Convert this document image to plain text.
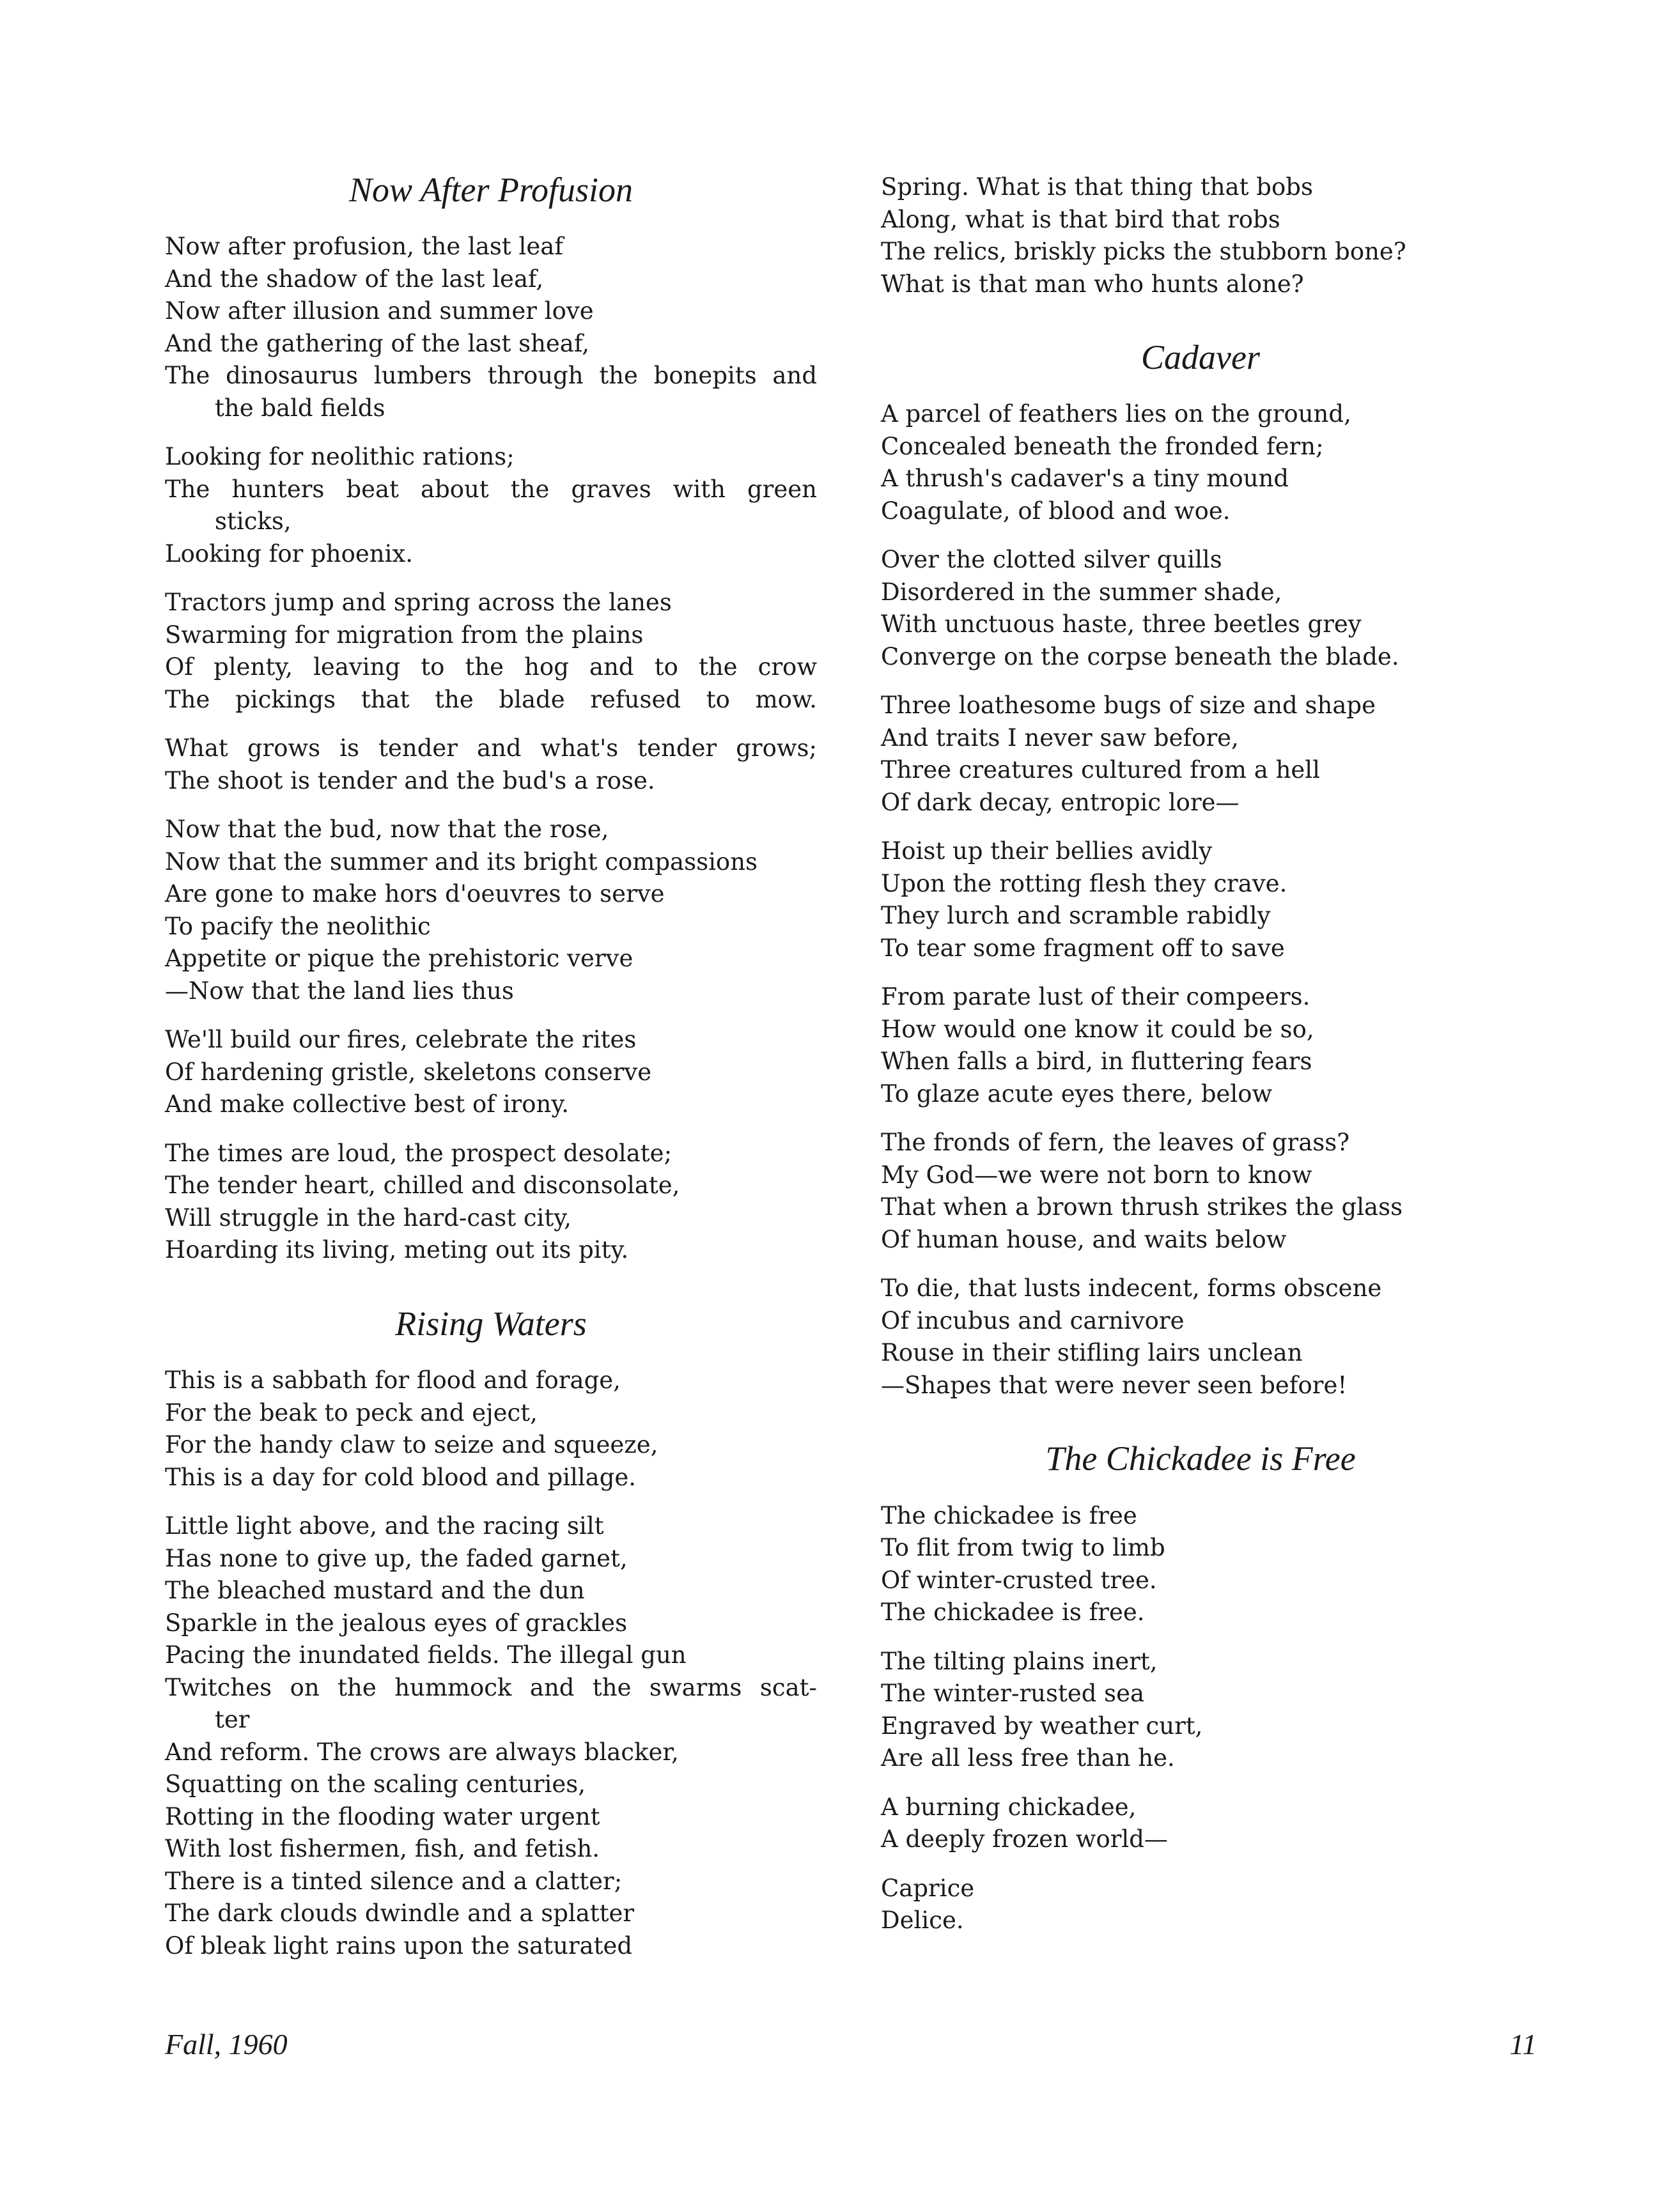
Now After Profusion
Now after profusion, the last leaf
And the shadow of the last leaf,
Now after illusion and summer love
And the gathering of the last sheaf,
The dinosaurus lumbers through the bonepits and
the bald fields
Looking for neolithic rations;
The hunters beat about the graves with green
sticks,
Looking for phoenix.
Tractors jump and spring across the lanes
Swarming for migration from the plains
Of plenty, leaving to the hog and to the crow
The pickings that the blade refused to mow.
What grows is tender and what's tender grows;
The shoot is tender and the bud's a rose.
Now that the bud, now that the rose,
Now that the summer and its bright compassions
Are gone to make hors d'oeuvres to serve
To pacify the neolithic
Appetite or pique the prehistoric verve
—Now that the land lies thus
We'll build our fires, celebrate the rites
Of hardening gristle, skeletons conserve
And make collective best of irony.
The times are loud, the prospect desolate;
The tender heart, chilled and disconsolate,
Will struggle in the hard-cast city,
Hoarding its living, meting out its pity.
Rising Waters
This is a sabbath for flood and forage,
For the beak to peck and eject,
For the handy claw to seize and squeeze,
This is a day for cold blood and pillage.
Little light above, and the racing silt
Has none to give up, the faded garnet,
The bleached mustard and the dun
Sparkle in the jealous eyes of grackles
Pacing the inundated fields. The illegal gun
Twitches on the hummock and the swarms scat-
ter
And reform. The crows are always blacker,
Squatting on the scaling centuries,
Rotting in the flooding water urgent
With lost fishermen, fish, and fetish.
There is a tinted silence and a clatter;
The dark clouds dwindle and a splatter
Of bleak light rains upon the saturated
Spring. What is that thing that bobs
Along, what is that bird that robs
The relics, briskly picks the stubborn bone?
What is that man who hunts alone?
Cadaver
A parcel of feathers lies on the ground,
Concealed beneath the fronded fern;
A thrush's cadaver's a tiny mound
Coagulate, of blood and woe.
Over the clotted silver quills
Disordered in the summer shade,
With unctuous haste, three beetles grey
Converge on the corpse beneath the blade.
Three loathesome bugs of size and shape
And traits I never saw before,
Three creatures cultured from a hell
Of dark decay, entropic lore—
Hoist up their bellies avidly
Upon the rotting flesh they crave.
They lurch and scramble rabidly
To tear some fragment off to save
From parate lust of their compeers.
How would one know it could be so,
When falls a bird, in fluttering fears
To glaze acute eyes there, below
The fronds of fern, the leaves of grass?
My God—we were not born to know
That when a brown thrush strikes the glass
Of human house, and waits below
To die, that lusts indecent, forms obscene
Of incubus and carnivore
Rouse in their stifling lairs unclean
—Shapes that were never seen before!
The Chickadee is Free
The chickadee is free
To flit from twig to limb
Of winter-crusted tree.
The chickadee is free.
The tilting plains inert,
The winter-rusted sea
Engraved by weather curt,
Are all less free than he.
A burning chickadee,
A deeply frozen world—
Caprice
Delice.
Fall, 1960	11
